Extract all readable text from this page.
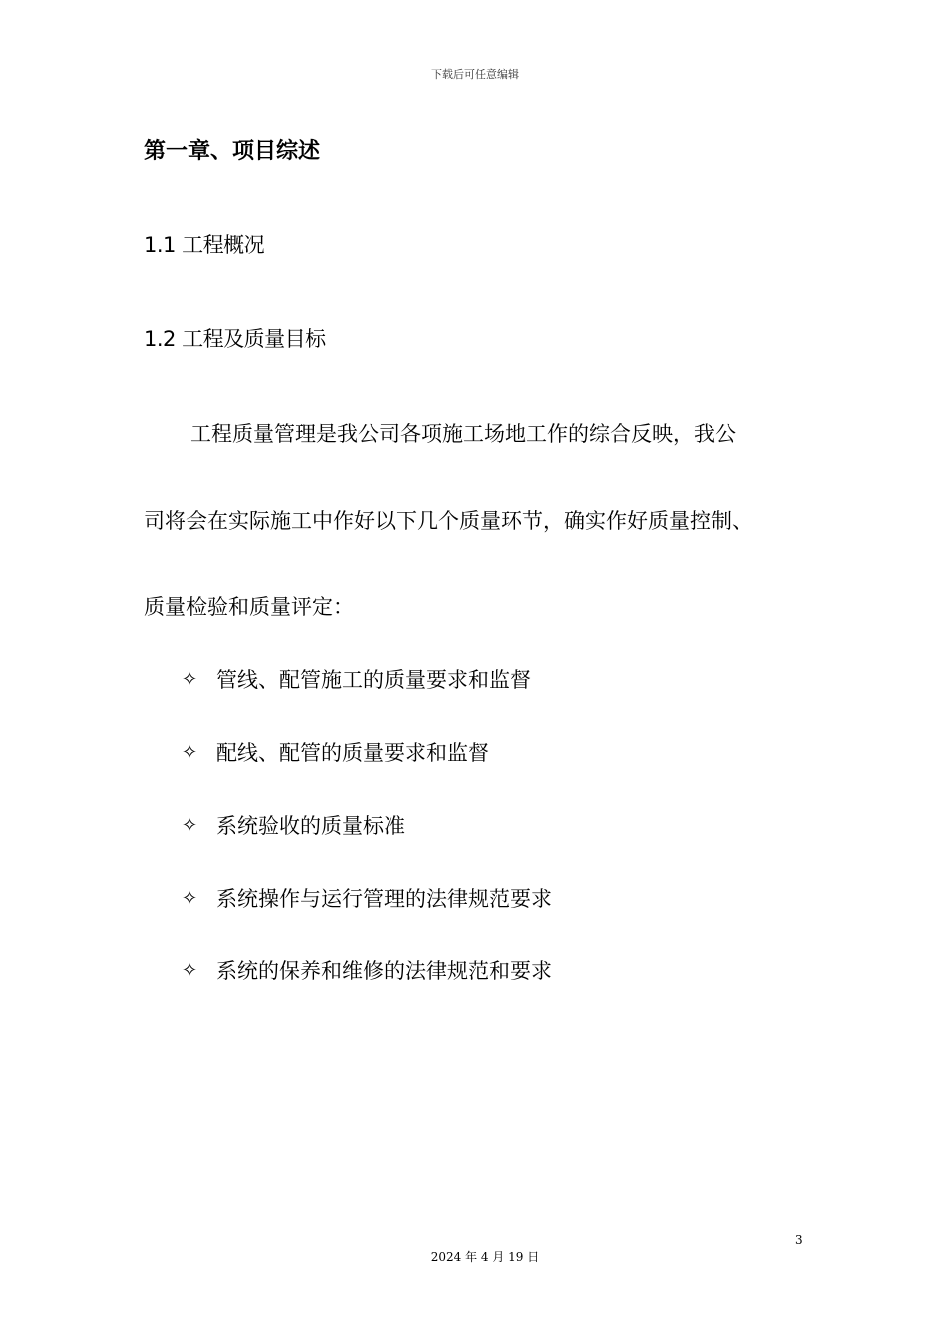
下载后可任意编辑
第一章、项目综述
1.1 工程概况
1.2 工程及质量目标

工程质量管理是我公司各项施工场地工作的综合反映，我公

司将会在实际施工中作好以下几个质量环节，确实作好质量控制、

质量检验和质量评定：

✧ 管线、配管施工的质量要求和监督
✧ 配线、配管的质量要求和监督
✧ 系统验收的质量标准
✧ 系统操作与运行管理的法律规范要求
✧ 系统的保养和维修的法律规范和要求
3
2024 年 4 月 19 日
